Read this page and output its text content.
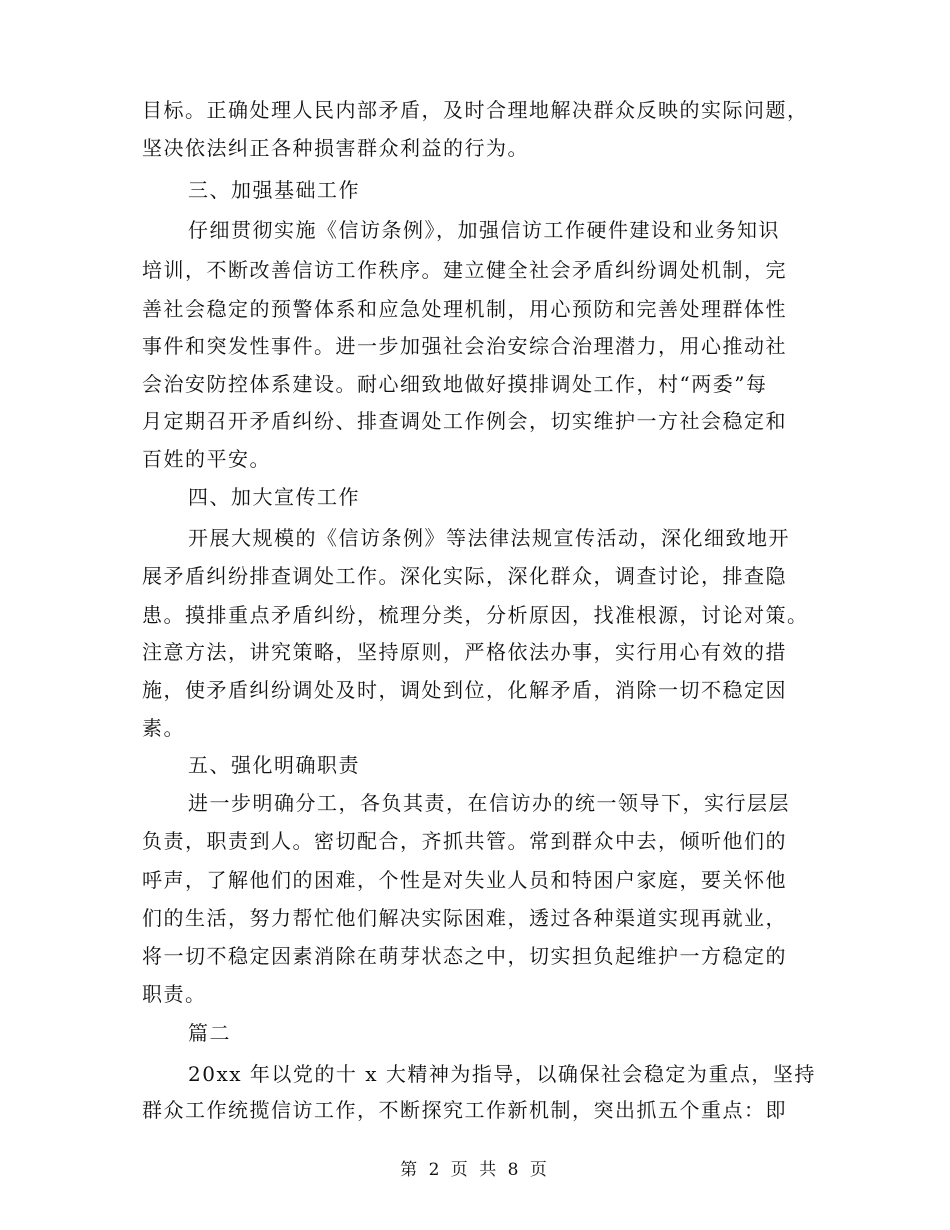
目标。正确处理人民内部矛盾，及时合理地解决群众反映的实际问题，
坚决依法纠正各种损害群众利益的行为。
三、加强基础工作
仔细贯彻实施《信访条例》，加强信访工作硬件建设和业务知识
培训，不断改善信访工作秩序。建立健全社会矛盾纠纷调处机制，完
善社会稳定的预警体系和应急处理机制，用心预防和完善处理群体性
事件和突发性事件。进一步加强社会治安综合治理潜力，用心推动社
会治安防控体系建设。耐心细致地做好摸排调处工作，村“两委”每
月定期召开矛盾纠纷、排查调处工作例会，切实维护一方社会稳定和
百姓的平安。
四、加大宣传工作
开展大规模的《信访条例》等法律法规宣传活动，深化细致地开
展矛盾纠纷排查调处工作。深化实际，深化群众，调查讨论，排查隐
患。摸排重点矛盾纠纷，梳理分类，分析原因，找准根源，讨论对策。
注意方法，讲究策略，坚持原则，严格依法办事，实行用心有效的措
施，使矛盾纠纷调处及时，调处到位，化解矛盾，消除一切不稳定因
素。
五、强化明确职责
进一步明确分工，各负其责，在信访办的统一领导下，实行层层
负责，职责到人。密切配合，齐抓共管。常到群众中去，倾听他们的
呼声，了解他们的困难，个性是对失业人员和特困户家庭，要关怀他
们的生活，努力帮忙他们解决实际困难，透过各种渠道实现再就业，
将一切不稳定因素消除在萌芽状态之中，切实担负起维护一方稳定的
职责。
篇二
20xx 年以党的十 x 大精神为指导，以确保社会稳定为重点，坚持
群众工作统揽信访工作，不断探究工作新机制，突出抓五个重点：即
第 2 页 共 8 页
